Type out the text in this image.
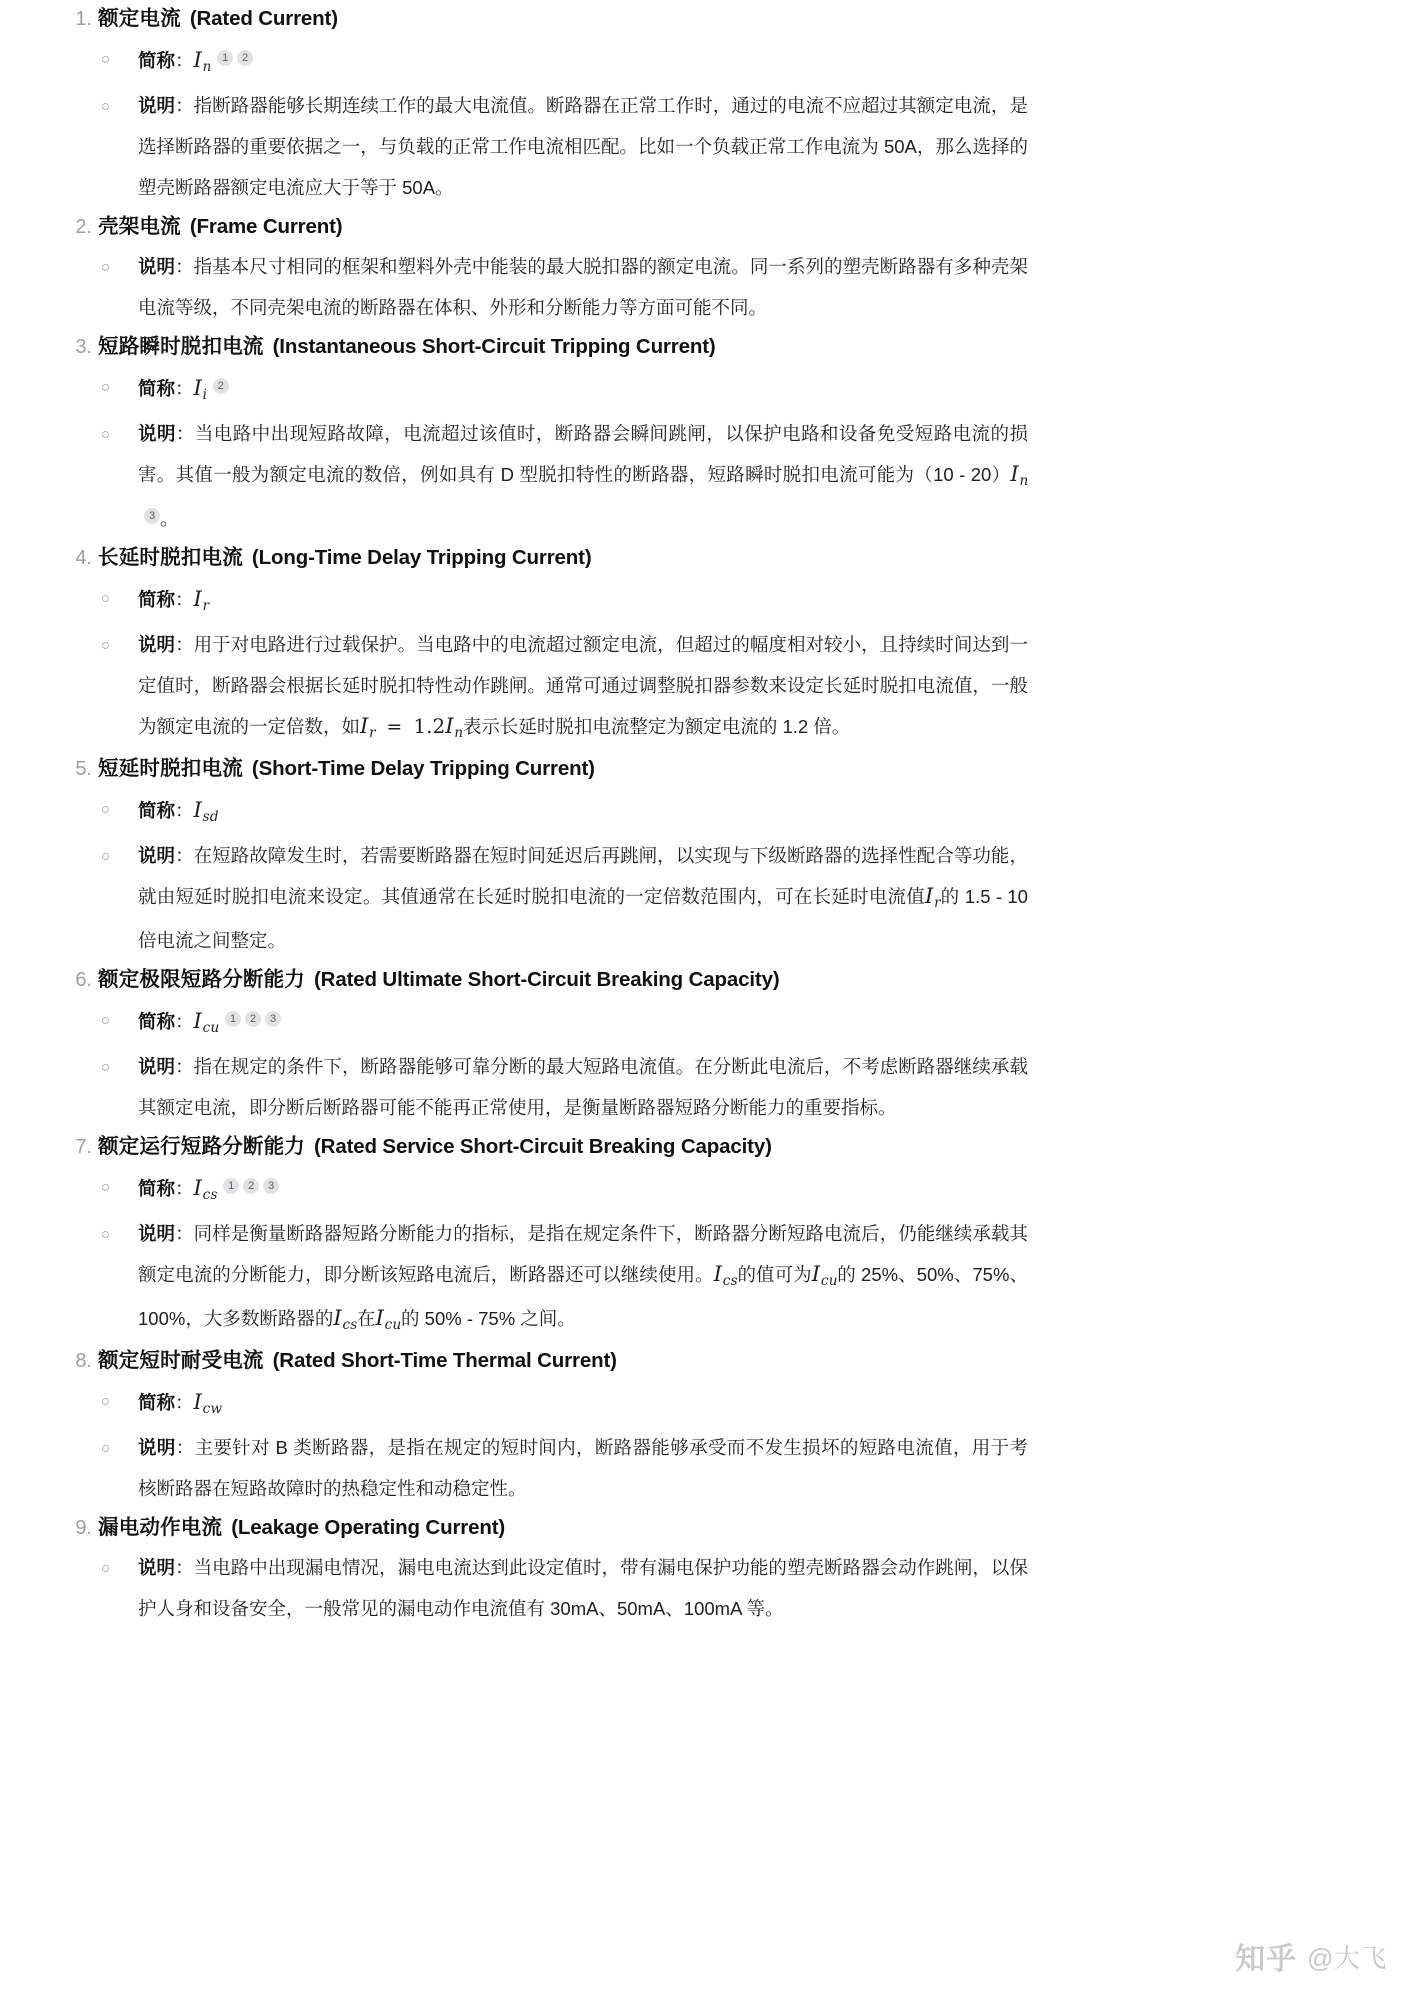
1. 额定电流 (Rated Current)
简称：In1 2
说明：指断路器能够长期连续工作的最大电流值。断路器在正常工作时，通过的电流不应超过其额定电流，是选择断路器的重要依据之一，与负载的正常工作电流相匹配。比如一个负载正常工作电流为 50A，那么选择的塑壳断路器额定电流应大于等于 50A。
2. 壳架电流 (Frame Current)
说明：指基本尺寸相同的框架和塑料外壳中能装的最大脱扣器的额定电流。同一系列的塑壳断路器有多种壳架电流等级，不同壳架电流的断路器在体积、外形和分断能力等方面可能不同。
3. 短路瞬时脱扣电流 (Instantaneous Short-Circuit Tripping Current)
简称：Ii2
说明：当电路中出现短路故障，电流超过该值时，断路器会瞬间跳闸，以保护电路和设备免受短路电流的损害。其值一般为额定电流的数倍，例如具有 D 型脱扣特性的断路器，短路瞬时脱扣电流可能为（10 - 20）In3 。
4. 长延时脱扣电流 (Long-Time Delay Tripping Current)
简称：Ir
说明：用于对电路进行过载保护。当电路中的电流超过额定电流，但超过的幅度相对较小，且持续时间达到一定值时，断路器会根据长延时脱扣特性动作跳闸。通常可通过调整脱扣器参数来设定长延时脱扣电流值，一般为额定电流的一定倍数，如Ir = 1.2In表示长延时脱扣电流整定为额定电流的 1.2 倍。
5. 短延时脱扣电流 (Short-Time Delay Tripping Current)
简称：Isd
说明：在短路故障发生时，若需要断路器在短时间延迟后再跳闸，以实现与下级断路器的选择性配合等功能，就由短延时脱扣电流来设定。其值通常在长延时脱扣电流的一定倍数范围内，可在长延时电流值Ir的 1.5 - 10 倍电流之间整定。
6. 额定极限短路分断能力 (Rated Ultimate Short-Circuit Breaking Capacity)
简称：Icu1 2 3
说明：指在规定的条件下，断路器能够可靠分断的最大短路电流值。在分断此电流后，不考虑断路器继续承载其额定电流，即分断后断路器可能不能再正常使用，是衡量断路器短路分断能力的重要指标。
7. 额定运行短路分断能力 (Rated Service Short-Circuit Breaking Capacity)
简称：Ics1 2 3
说明：同样是衡量断路器短路分断能力的指标，是指在规定条件下，断路器分断短路电流后，仍能继续承载其额定电流的分断能力，即分断该短路电流后，断路器还可以继续使用。Ics的值可为Icu的 25%、50%、75%、100%，大多数断路器的Ics在Icu的 50% - 75% 之间。
8. 额定短时耐受电流 (Rated Short-Time Thermal Current)
简称：Icw
说明：主要针对 B 类断路器，是指在规定的短时间内，断路器能够承受而不发生损坏的短路电流值，用于考核断路器在短路故障时的热稳定性和动稳定性。
9. 漏电动作电流 (Leakage Operating Current)
说明：当电路中出现漏电情况，漏电电流达到此设定值时，带有漏电保护功能的塑壳断路器会动作跳闸，以保护人身和设备安全，一般常见的漏电动作电流值有 30mA、50mA、100mA 等。
知乎 @大飞
